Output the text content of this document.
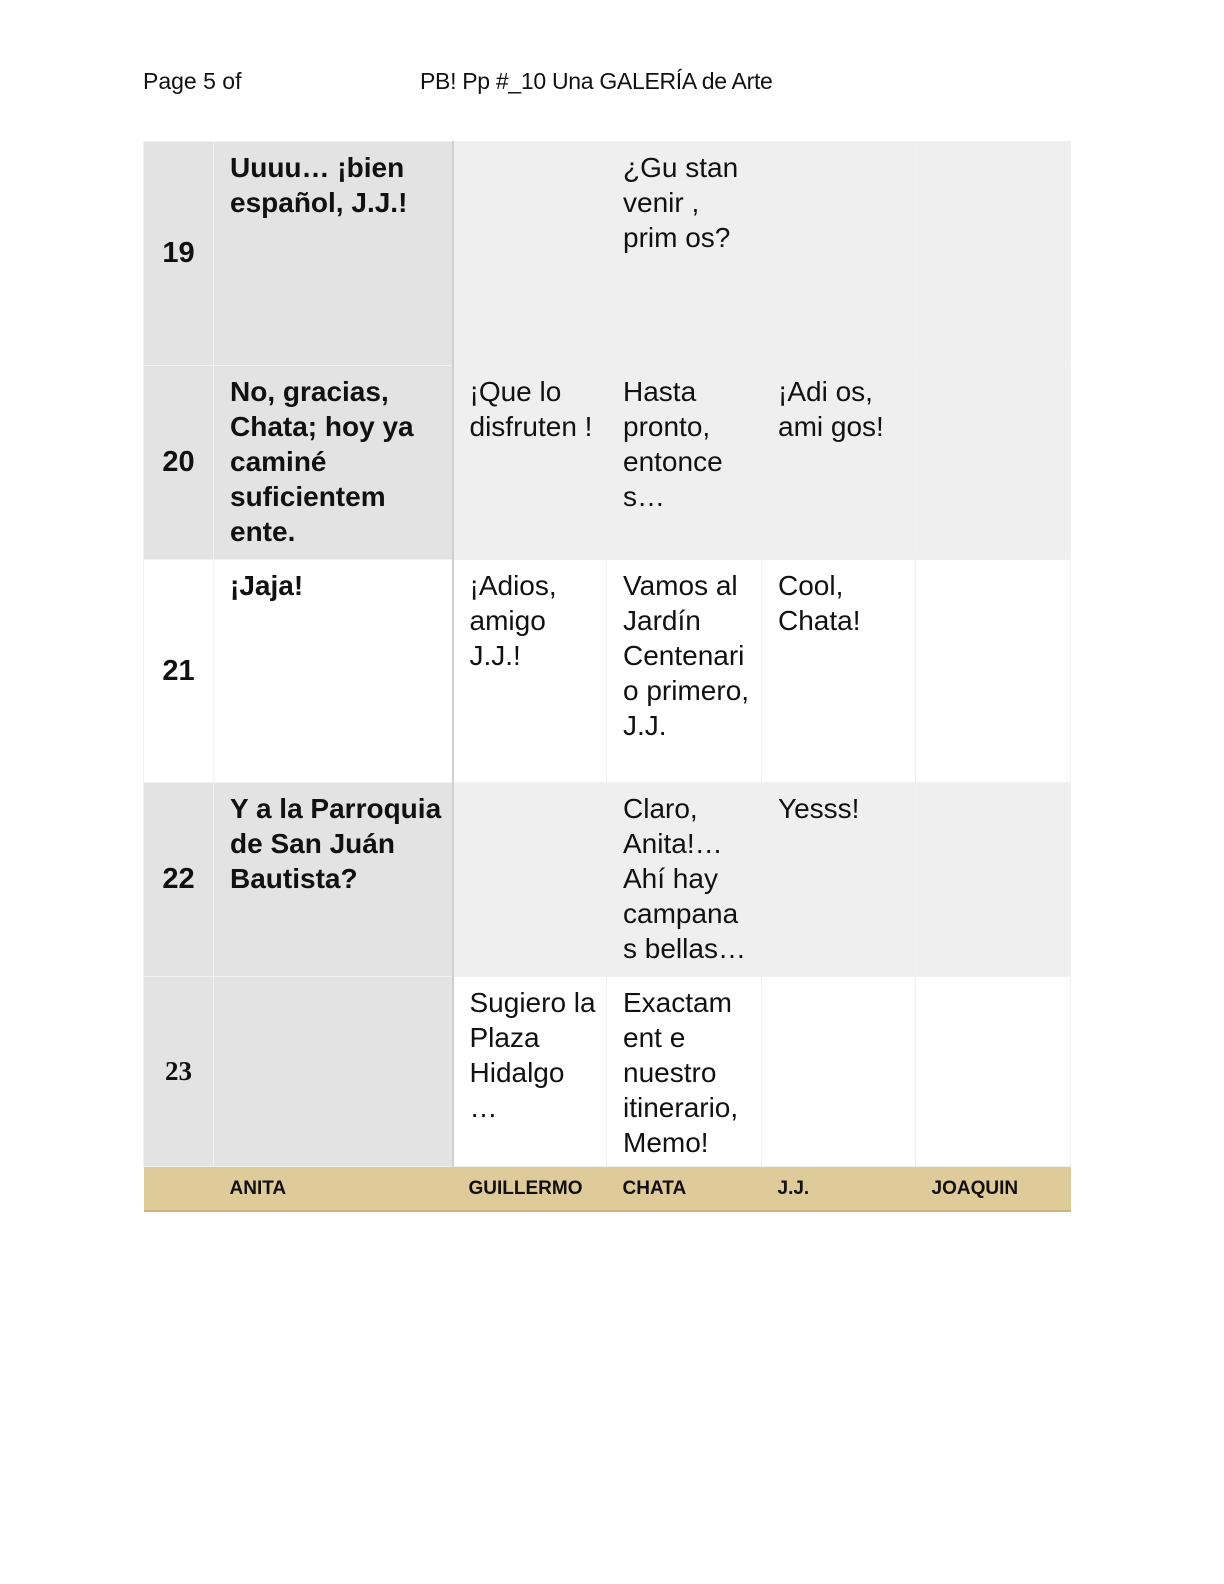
Page 5 of	PB! Pp #_10 Una GALERÍA de Arte
19	Uuuu… ¡bien español, J.J.!		¿Gu stan venir , prim os?		
20	No, gracias, Chata; hoy ya caminé suficientem ente.	¡Que lo disfruten !	Hasta pronto, entonce s…	¡Adi os, ami gos!	
21	¡Jaja!	¡Adios, amigo J.J.!	Vamos al Jardín Centenari o primero, J.J.	Cool, Chata!	
22	Y a la Parroquia de San Juán Bautista?		Claro, Anita!… Ahí hay campana s bellas…	Yesss!	
23		Sugiero la Plaza Hidalgo …	Exactam ent e nuestro itinerario, Memo!		
	ANITA	GUILLERMO	CHATA	J.J.	JOAQUIN
